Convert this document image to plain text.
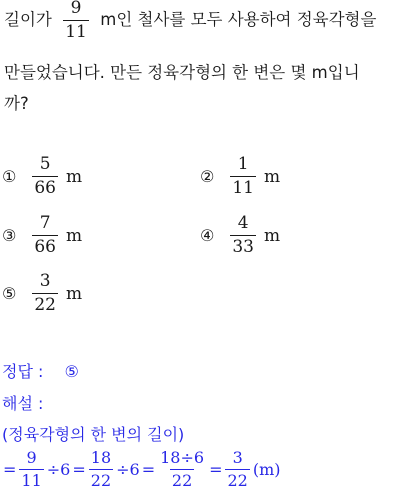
길이가 $\frac{9}{11}$ m인 철사를 모두 사용하여 정육각형을
만들었습니다. 만든 정육각형의 한 변은 몇 m입니
까?
① $\frac{5}{66}$ m	② $\frac{1}{11}$ m
③ $\frac{7}{66}$ m	④ $\frac{4}{33}$ m
⑤ $\frac{3}{22}$ m
정답 : ⑤
해설 :
(정육각형의 한 변의 길이)
= $\frac{9}{11} \div 6 = \frac{18}{22} \div 6 = \frac{18\div 6}{22} = \frac{3}{22} (m)$
